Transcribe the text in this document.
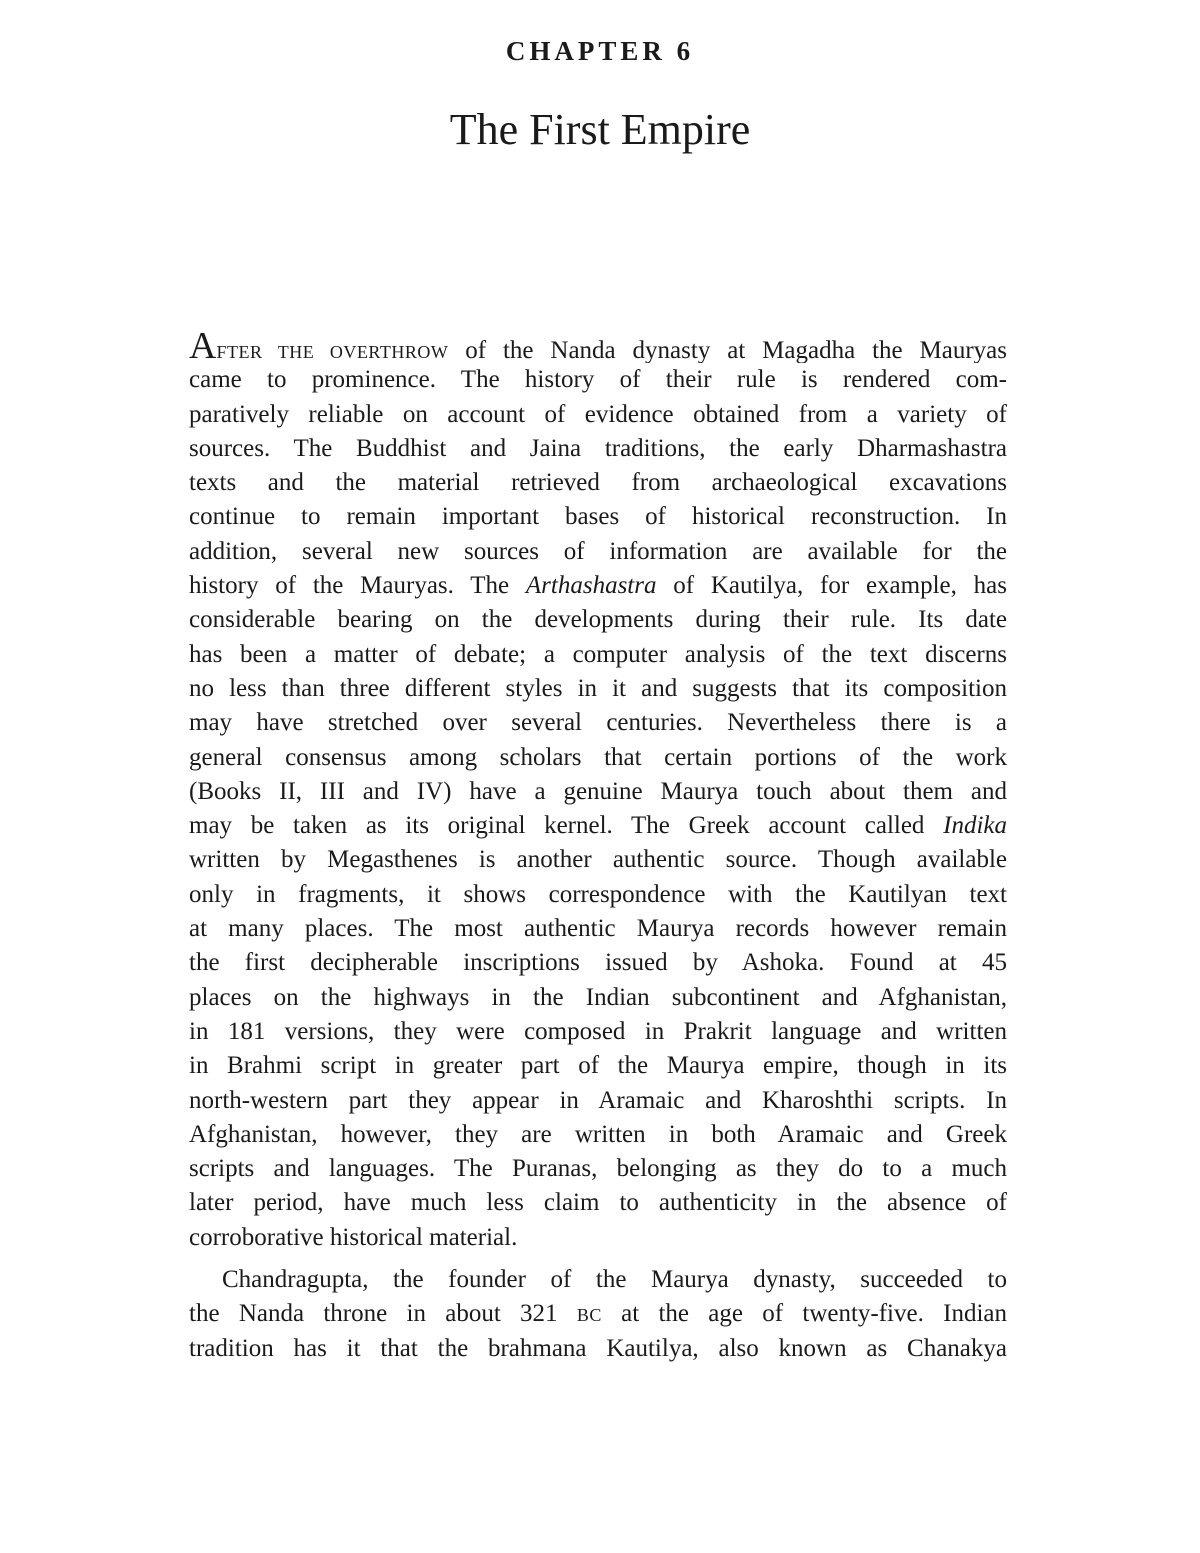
CHAPTER 6
The First Empire
AFTER THE OVERTHROW of the Nanda dynasty at Magadha the Mauryas
came to prominence. The history of their rule is rendered com-
paratively reliable on account of evidence obtained from a variety of
sources. The Buddhist and Jaina traditions, the early Dharmashastra
texts and the material retrieved from archaeological excavations
continue to remain important bases of historical reconstruction. In
addition, several new sources of information are available for the
history of the Mauryas. The Arthashastra of Kautilya, for example, has
considerable bearing on the developments during their rule. Its date
has been a matter of debate; a computer analysis of the text discerns
no less than three different styles in it and suggests that its composition
may have stretched over several centuries. Nevertheless there is a
general consensus among scholars that certain portions of the work
(Books II, III and IV) have a genuine Maurya touch about them and
may be taken as its original kernel. The Greek account called Indika
written by Megasthenes is another authentic source. Though available
only in fragments, it shows correspondence with the Kautilyan text
at many places. The most authentic Maurya records however remain
the first decipherable inscriptions issued by Ashoka. Found at 45
places on the highways in the Indian subcontinent and Afghanistan,
in 181 versions, they were composed in Prakrit language and written
in Brahmi script in greater part of the Maurya empire, though in its
north-western part they appear in Aramaic and Kharoshthi scripts. In
Afghanistan, however, they are written in both Aramaic and Greek
scripts and languages. The Puranas, belonging as they do to a much
later period, have much less claim to authenticity in the absence of
corroborative historical material.
Chandragupta, the founder of the Maurya dynasty, succeeded to
the Nanda throne in about 321 BC at the age of twenty-five. Indian
tradition has it that the brahmana Kautilya, also known as Chanakya
